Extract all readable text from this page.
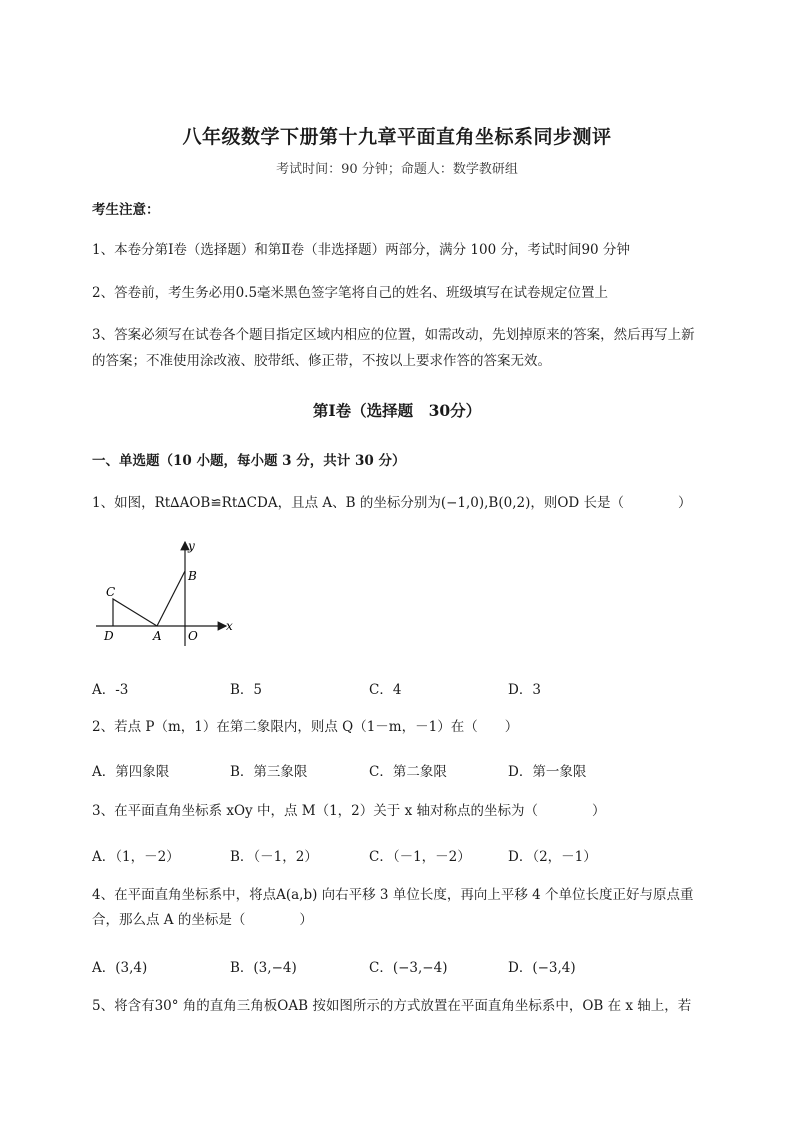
八年级数学下册第十九章平面直角坐标系同步测评
考试时间：90 分钟；命题人：数学教研组
考生注意：
1、本卷分第Ⅰ卷（选择题）和第Ⅱ卷（非选择题）两部分，满分 100 分，考试时间90 分钟
2、答卷前，考生务必用0.5毫米黑色签字笔将自己的姓名、班级填写在试卷规定位置上
3、答案必须写在试卷各个题目指定区域内相应的位置，如需改动，先划掉原来的答案，然后再写上新
的答案；不准使用涂改液、胶带纸、修正带，不按以上要求作答的答案无效。
第Ⅰ卷（选择题　30分）
一、单选题（10 小题，每小题 3 分，共计 30 分）
1、如图，Rt∆AOB≌Rt∆CDA，且点 A、B 的坐标分别为(−1,0),B(0,2)，则OD 长是（　　　　）
y
B
C
D	A O
x
A．-3	B．5	C．4	D．3
2、若点 P（m，1）在第二象限内，则点 Q（1－m，－1）在（　　）
A．第四象限	B．第三象限	C．第二象限	D．第一象限
3、在平面直角坐标系 xOy 中，点 M（1，2）关于 x 轴对称点的坐标为（　　　　）
A．（1，－2）	B．（－1，2）	C．（－1，－2）	D．（2，－1）
4、在平面直角坐标系中，将点A(a,b) 向右平移 3 单位长度，再向上平移 4 个单位长度正好与原点重
合，那么点 A 的坐标是（　　　　）
A．(3,4)	B．(3,−4)	C．(−3,−4)	D．(−3,4)
5、将含有30° 角的直角三角板OAB 按如图所示的方式放置在平面直角坐标系中，OB 在 x 轴上，若
